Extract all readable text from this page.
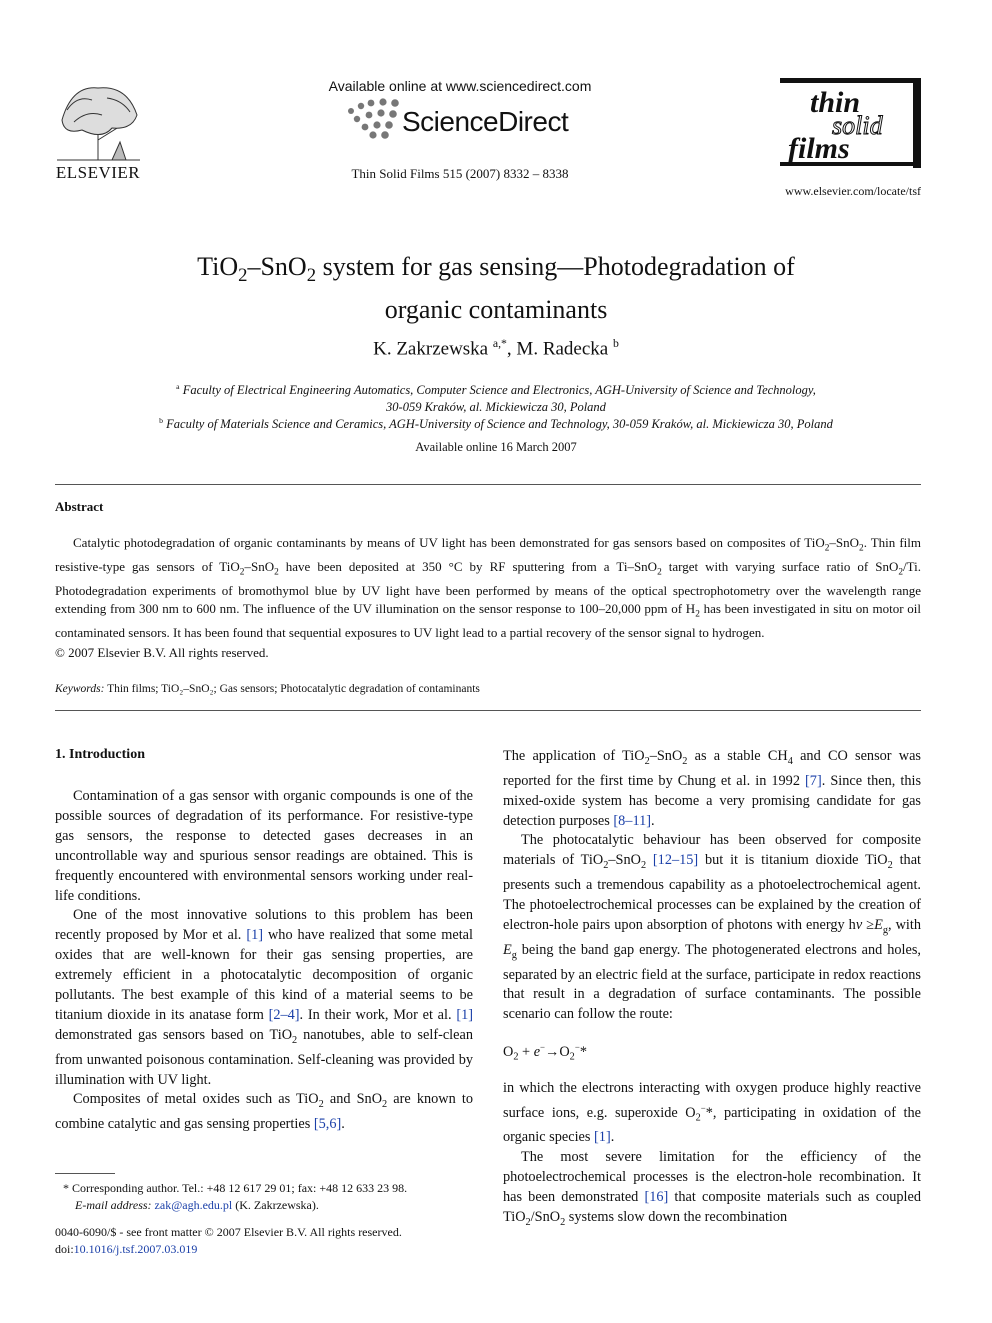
ELSEVIER
Available online at www.sciencedirect.com
ScienceDirect
Thin Solid Films 515 (2007) 8332 – 8338
thin
solid
films
www.elsevier.com/locate/tsf
TiO$_2$–SnO$_2$ system for gas sensing—Photodegradation of
organic contaminants
K. Zakrzewska $^{a,*}$, M. Radecka $^b$
$^a$ Faculty of Electrical Engineering Automatics, Computer Science and Electronics, AGH-University of Science and Technology,
30-059 Kraków, al. Mickiewicza 30, Poland
$^b$ Faculty of Materials Science and Ceramics, AGH-University of Science and Technology, 30-059 Kraków, al. Mickiewicza 30, Poland
Available online 16 March 2007
Abstract
Catalytic photodegradation of organic contaminants by means of UV light has been demonstrated for gas sensors based on composites of TiO$_2$–SnO$_2$. Thin film resistive-type gas sensors of TiO$_2$–SnO$_2$ have been deposited at 350 °C by RF sputtering from a Ti–SnO$_2$ target with varying surface ratio of SnO$_2$/Ti. Photodegradation experiments of bromothymol blue by UV light have been performed by means of the optical spectrophotometry over the wavelength range extending from 300 nm to 600 nm. The influence of the UV illumination on the sensor response to 100–20,000 ppm of $H_2$ has been investigated in situ on motor oil contaminated sensors. It has been found that sequential exposures to UV light lead to a partial recovery of the sensor signal to hydrogen.
© 2007 Elsevier B.V. All rights reserved.
Keywords: Thin films; TiO₂–SnO₂; Gas sensors; Photocatalytic degradation of contaminants
1. Introduction

Contamination of a gas sensor with organic compounds is one of the possible sources of degradation of its performance. For resistive-type gas sensors, the response to detected gases decreases in an uncontrollable way and spurious sensor readings are obtained. This is frequently encountered with environmental sensors working under real-life conditions.

One of the most innovative solutions to this problem has been recently proposed by Mor et al. [1] who have realized that some metal oxides that are well-known for their gas sensing properties, are extremely efficient in a photocatalytic decomposition of organic pollutants. The best example of this kind of a material seems to be titanium dioxide in its anatase form [2–4]. In their work, Mor et al. [1] demonstrated gas sensors based on TiO$_2$ nanotubes, able to self-clean from unwanted poisonous contamination. Self-cleaning was provided by illumination with UV light.

Composites of metal oxides such as TiO$_2$ and SnO$_2$ are known to combine catalytic and gas sensing properties [5,6].

The application of TiO$_2$–SnO$_2$ as a stable $CH_4$ and CO sensor was reported for the first time by Chung et al. in 1992 [7]. Since then, this mixed-oxide system has become a very promising candidate for gas detection purposes [8–11].

The photocatalytic behaviour has been observed for composite materials of TiO$_2$–SnO$_2$ [12–15] but it is titanium dioxide TiO$_2$ that presents such a tremendous capability as a photoelectrochemical agent. The photoelectrochemical processes can be explained by the creation of electron-hole pairs upon absorption of photons with energy $h\nu \ge E_g$, with $E_g$ being the band gap energy. The photogenerated electrons and holes, separated by an electric field at the surface, participate in redox reactions that result in a degradation of surface contaminants. The possible scenario can follow the route:

$O_2 + e^-\to O_2^-*$

in which the electrons interacting with oxygen produce highly reactive surface ions, e.g. superoxide $O_2^-*$, participating in oxidation of the organic species [1].

The most severe limitation for the efficiency of the photoelectrochemical processes is the electron-hole recombination. It has been demonstrated [16] that composite materials such as coupled TiO$_2$/SnO$_2$ systems slow down the recombination

* Corresponding author. Tel.: +48 12 617 29 01; fax: +48 12 633 23 98.
E-mail address: zak@agh.edu.pl (K. Zakrzewska).
0040-6090/$ - see front matter © 2007 Elsevier B.V. All rights reserved.
doi:10.1016/j.tsf.2007.03.019
